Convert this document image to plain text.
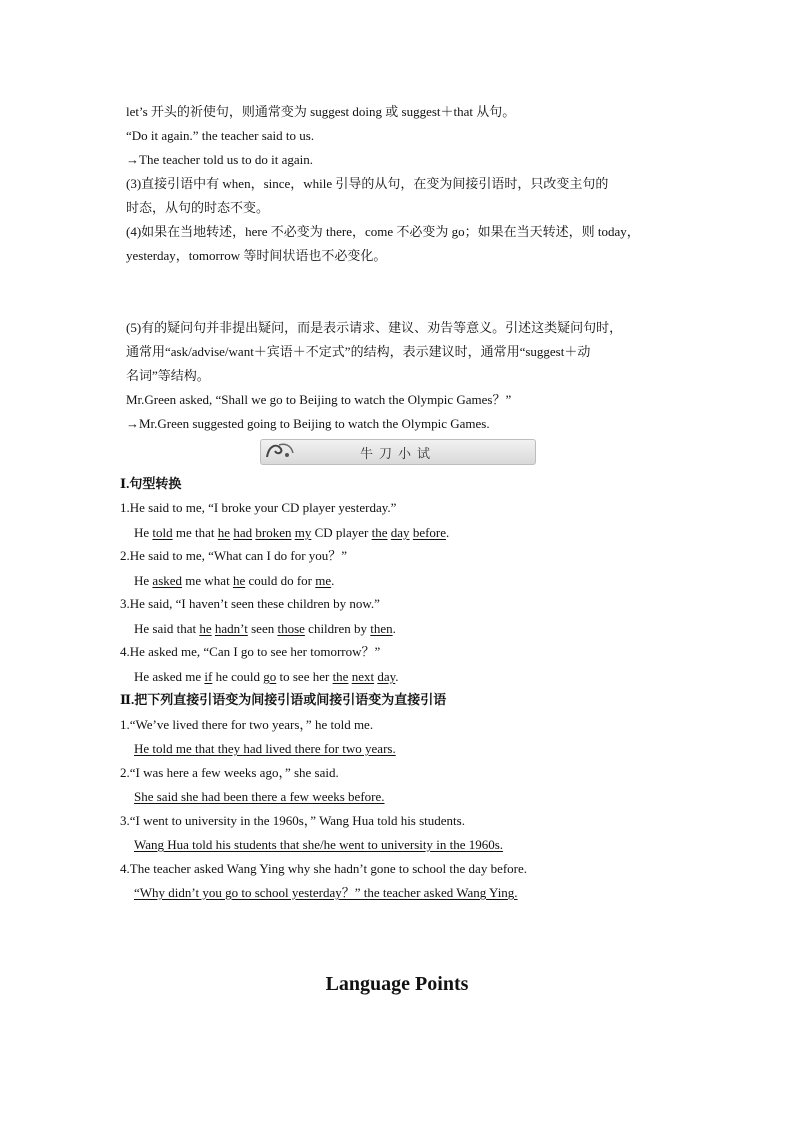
let’s 开头的祈使句，则通常变为 suggest doing 或 suggest＋that 从句。
“Do it again.” the teacher said to us.
→The teacher told us to do it again.
(3)直接引语中有 when，since，while 引导的从句，在变为间接引语时，只改变主句的
时态，从句的时态不变。
(4)如果在当地转述，here 不必变为 there，come 不必变为 go；如果在当天转述，则 today，
yesterday，tomorrow 等时间状语也不必变化。
(5)有的疑问句并非提出疑问，而是表示请求、建议、劝告等意义。引述这类疑问句时，
通常用“ask/advise/want＋宾语＋不定式”的结构，表示建议时，通常用“suggest＋动
名词”等结构。
Mr.Green asked, “Shall we go to Beijing to watch the Olympic Games？”
→Mr.Green suggested going to Beijing to watch the Olympic Games.
牛刀小试
Ⅰ.句型转换
1.He said to me, “I broke your CD player yesterday.”
He told me that he had broken my CD player the day before.
2.He said to me, “What can I do for you？”
He asked me what he could do for me.
3.He said, “I haven’t seen these children by now.”
He said that he hadn’t seen those children by then.
4.He asked me, “Can I go to see her tomorrow？”
He asked me if he could go to see her the next day.
Ⅱ.把下列直接引语变为间接引语或间接引语变为直接引语
1.“We’ve lived there for two years，” he told me.
He told me that they had lived there for two years.
2.“I was here a few weeks ago，” she said.
She said she had been there a few weeks before.
3.“I went to university in the 1960s，” Wang Hua told his students.
Wang Hua told his students that she/he went to university in the 1960s.
4.The teacher asked Wang Ying why she hadn’t gone to school the day before.
“Why didn’t you go to school yesterday？” the teacher asked Wang Ying.
Language Points
